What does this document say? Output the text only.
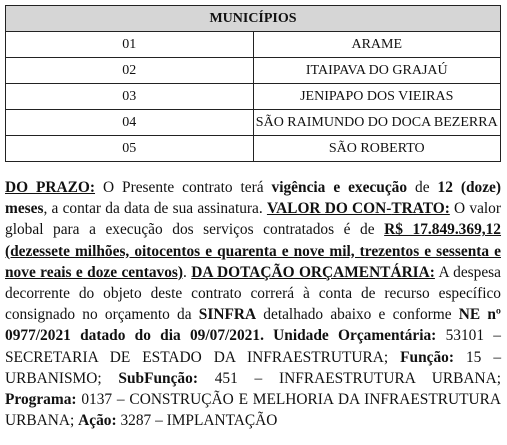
MUNICÍPIOS	
01	ARAME
02	ITAIPAVA DO GRAJAÚ
03	JENIPAPO DOS VIEIRAS
04	SÃO RAIMUNDO DO DOCA BEZERRA
05	SÃO ROBERTO

DO PRAZO: O Presente contrato terá vigência e execução de 12 (doze) meses, a contar da data de sua assinatura. VALOR DO CON-TRATO: O valor global para a execução dos serviços contratados é de R$ 17.849.369,12 (dezessete milhões, oitocentos e quarenta e nove mil, trezentos e sessenta e nove reais e doze centavos). DA DOTAÇÃO ORÇAMENTÁRIA: A despesa decorrente do objeto deste contrato correrá à conta de recurso específico consignado no orçamento da SINFRA detalhado abaixo e conforme NE nº 0977/2021 datado do dia 09/07/2021. Unidade Orçamentária: 53101 – SECRETARIA DE ESTADO DA INFRAESTRUTURA; Função: 15 – URBANISMO; SubFunção: 451 – INFRAESTRUTURA URBANA; Programa: 0137 – CONSTRUÇÃO E MELHORIA DA INFRAESTRUTURA URBANA; Ação: 3287 – IMPLANTAÇÃO
